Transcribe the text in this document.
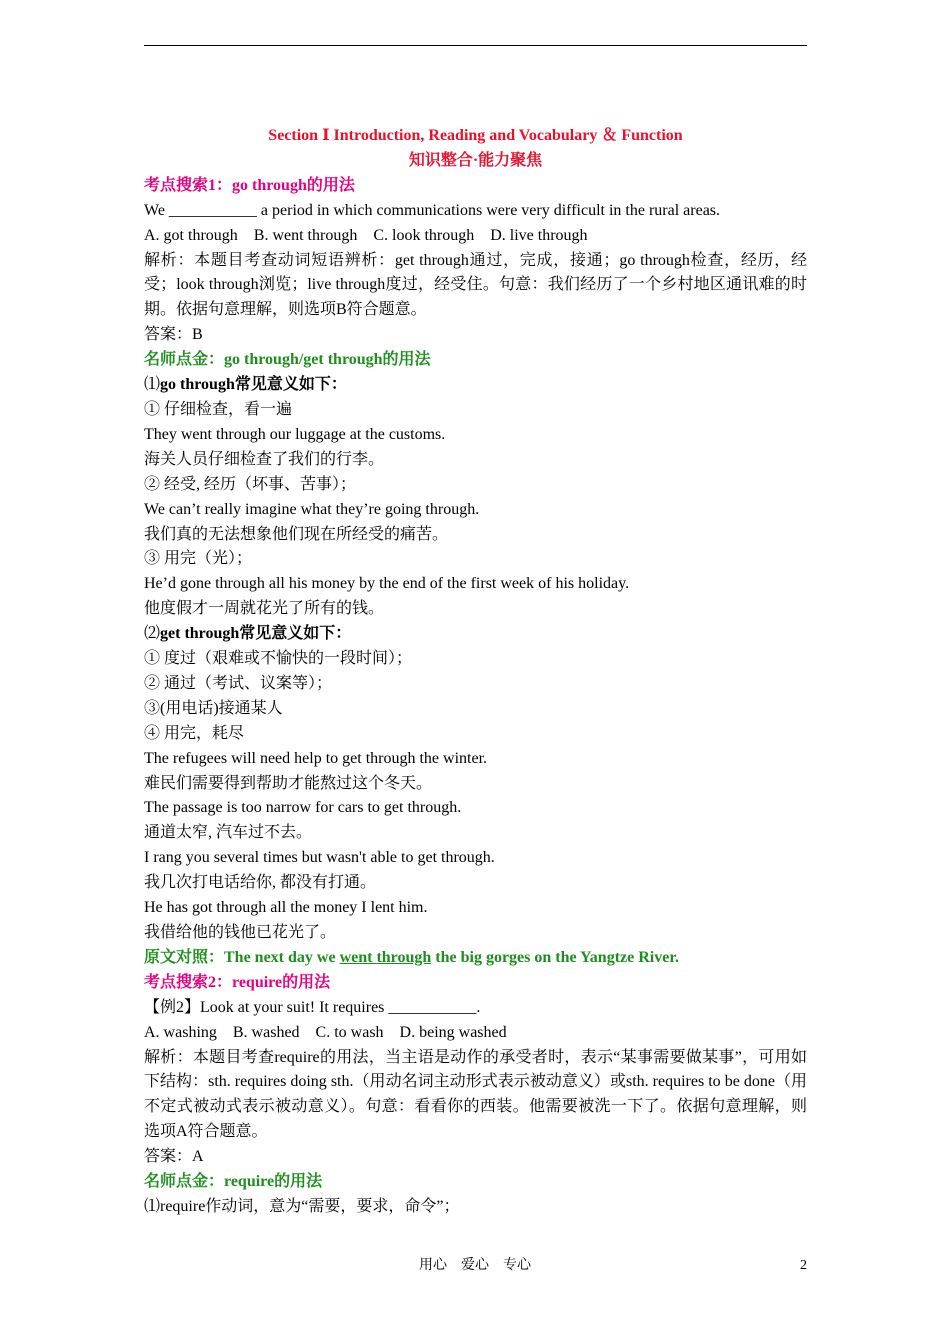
Section Ⅰ Introduction, Reading and Vocabulary ＆ Function
知识整合·能力聚焦
考点搜索1：go through的用法
We ___________ a period in which communications were very difficult in the rural areas.
A. got through    B. went through    C. look through    D. live through
解析：本题目考查动词短语辨析：get through通过，完成，接通；go through检查，经历，经受；look through浏览；live through度过，经受住。句意：我们经历了一个乡村地区通讯难的时期。依据句意理解，则选项B符合题意。
答案：B
名师点金：go through/get through的用法
⑴go through常见意义如下：
① 仔细检查，看一遍
They went through our luggage at the customs.
海关人员仔细检查了我们的行李。
② 经受, 经历（坏事、苦事）；
We can’t really imagine what they’re going through.
我们真的无法想象他们现在所经受的痛苦。
③ 用完（光）；
He’d gone through all his money by the end of the first week of his holiday.
他度假才一周就花光了所有的钱。
⑵get through常见意义如下：
① 度过（艰难或不愉快的一段时间）；
② 通过（考试、议案等）；
③(用电话)接通某人
④ 用完，耗尽
The refugees will need help to get through the winter.
难民们需要得到帮助才能熬过这个冬天。
The passage is too narrow for cars to get through.
通道太窄, 汽车过不去。
I rang you several times but wasn't able to get through.
我几次打电话给你, 都没有打通。
He has got through all the money I lent him.
我借给他的钱他已花光了。
原文对照：The next day we went through the big gorges on the Yangtze River.
考点搜索2：require的用法
【例2】Look at your suit! It requires ___________.
A. washing    B. washed    C. to wash    D. being washed
解析：本题目考查require的用法，当主语是动作的承受者时，表示“某事需要做某事”，可用如下结构：sth. requires doing sth.（用动名词主动形式表示被动意义）或sth. requires to be done（用不定式被动式表示被动意义）。句意：看看你的西装。他需要被洗一下了。依据句意理解，则选项A符合题意。
答案：A
名师点金：require的用法
⑴require作动词，意为“需要，要求，命令”；
用心    爱心    专心	2
